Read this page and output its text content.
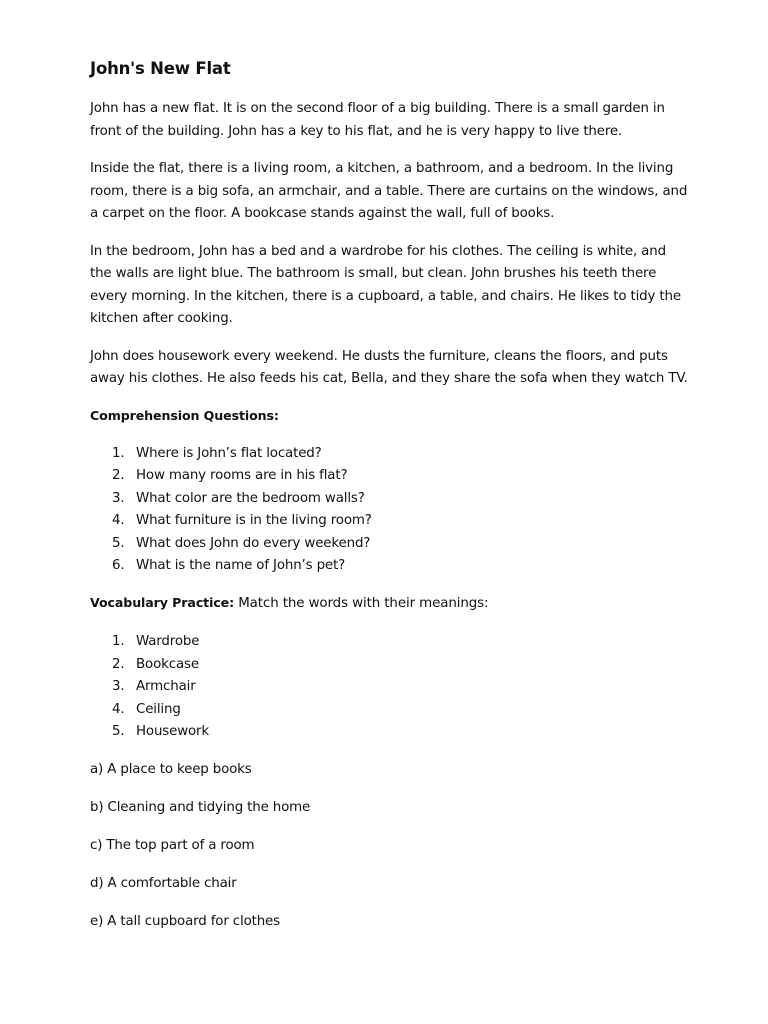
John's New Flat

John has a new flat. It is on the second floor of a big building. There is a small garden in front of the building. John has a key to his flat, and he is very happy to live there.

Inside the flat, there is a living room, a kitchen, a bathroom, and a bedroom. In the living room, there is a big sofa, an armchair, and a table. There are curtains on the windows, and a carpet on the floor. A bookcase stands against the wall, full of books.

In the bedroom, John has a bed and a wardrobe for his clothes. The ceiling is white, and the walls are light blue. The bathroom is small, but clean. John brushes his teeth there every morning. In the kitchen, there is a cupboard, a table, and chairs. He likes to tidy the kitchen after cooking.

John does housework every weekend. He dusts the furniture, cleans the floors, and puts away his clothes. He also feeds his cat, Bella, and they share the sofa when they watch TV.

Comprehension Questions:
1. Where is John’s flat located?
2. How many rooms are in his flat?
3. What color are the bedroom walls?
4. What furniture is in the living room?
5. What does John do every weekend?
6. What is the name of John’s pet?
Vocabulary Practice: Match the words with their meanings:
1. Wardrobe
2. Bookcase
3. Armchair
4. Ceiling
5. Housework
a) A place to keep books
b) Cleaning and tidying the home
c) The top part of a room
d) A comfortable chair
e) A tall cupboard for clothes
